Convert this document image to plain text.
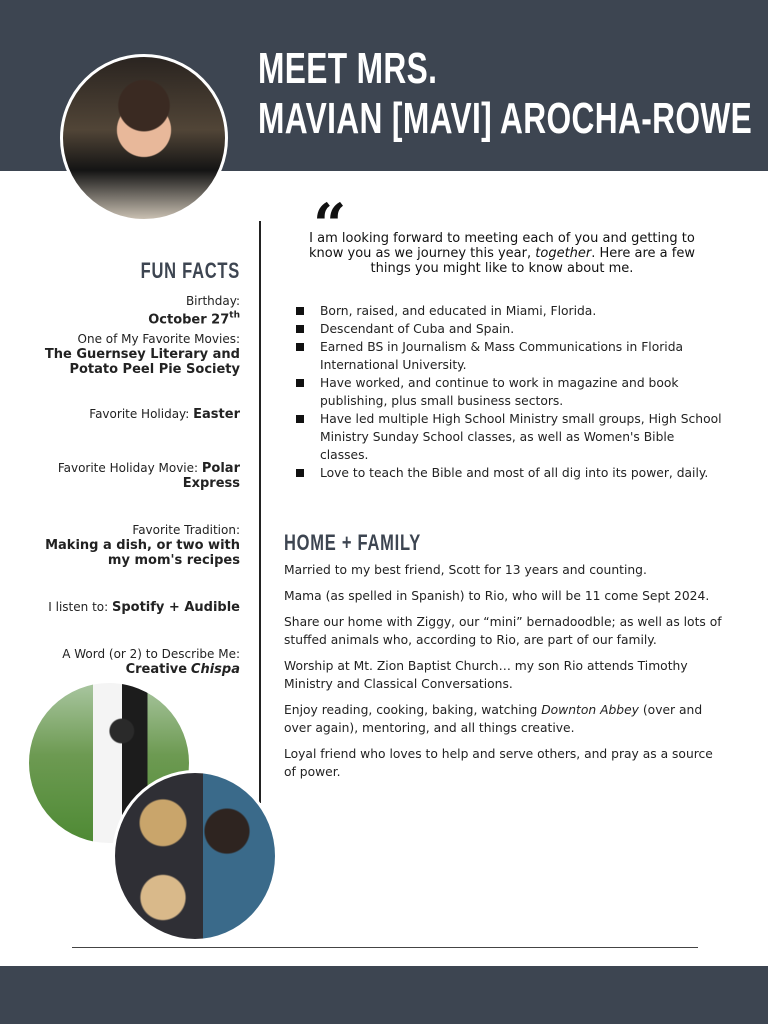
MEET MRS.
MAVIAN [MAVI] AROCHA-ROWE
FUN FACTS
Birthday:
October 27th
One of My Favorite Movies:
The Guernsey Literary and Potato Peel Pie Society
Favorite Holiday: Easter
Favorite Holiday Movie: Polar Express
Favorite Tradition:
Making a dish, or two with my mom's recipes
I listen to: Spotify + Audible
A Word (or 2) to Describe Me:
Creative Chispa
“
I am looking forward to meeting each of you and getting to know you as we journey this year, together. Here are a few things you might like to know about me.
Born, raised, and educated in Miami, Florida.
Descendant of Cuba and Spain.
Earned BS in Journalism & Mass Communications in Florida International University.
Have worked, and continue to work in magazine and book publishing, plus small business sectors.
Have led multiple High School Ministry small groups, High School Ministry Sunday School classes, as well as Women's Bible classes.
Love to teach the Bible and most of all dig into its power, daily.
HOME + FAMILY

Married to my best friend, Scott for 13 years and counting.

Mama (as spelled in Spanish) to Rio, who will be 11 come Sept 2024.

Share our home with Ziggy, our “mini” bernadoodble; as well as lots of stuffed animals who, according to Rio, are part of our family.

Worship at Mt. Zion Baptist Church… my son Rio attends Timothy Ministry and Classical Conversations.

Enjoy reading, cooking, baking, watching Downton Abbey (over and over again), mentoring, and all things creative.

Loyal friend who loves to help and serve others, and pray as a source of power.
